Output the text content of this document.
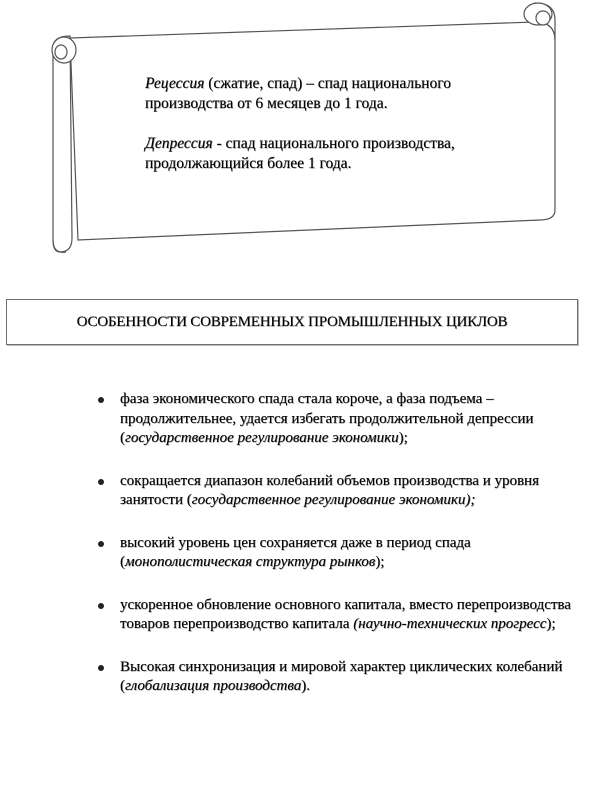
Рецессия (сжатие, спад) – спад национального производства от 6 месяцев до 1 года.

Депрессия - спад национального производства, продолжающийся более 1 года.

ОСОБЕННОСТИ СОВРЕМЕННЫХ ПРОМЫШЛЕННЫХ ЦИКЛОВ
фаза экономического спада стала короче, а фаза подъема – продолжительнее, удается избегать продолжительной депрессии (государственное регулирование экономики);
сокращается диапазон колебаний объемов производства и уровня занятости (государственное регулирование экономики);
высокий уровень цен сохраняется даже в период спада (монополистическая структура рынков);
ускоренное обновление основного капитала, вместо перепроизводства товаров перепроизводство капитала (научно-технических прогресс);
Высокая синхронизация и мировой характер циклических колебаний (глобализация производства).
